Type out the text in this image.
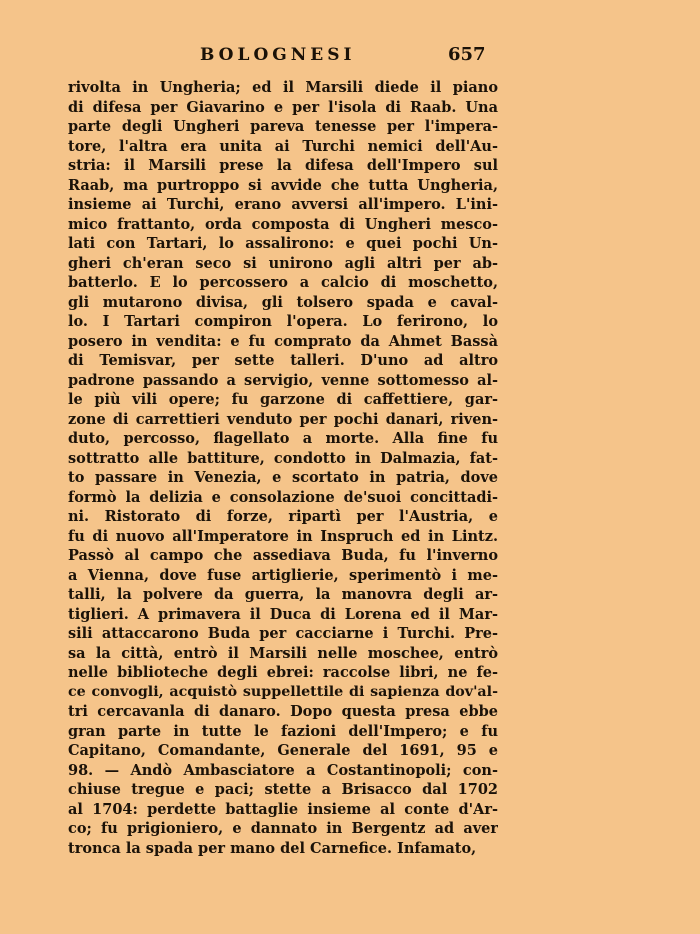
BOLOGNESI	657
rivolta in Ungheria; ed il Marsili diede il piano
di difesa per Giavarino e per l'isola di Raab. Una
parte degli Ungheri pareva tenesse per l'impera-
tore, l'altra era unita ai Turchi nemici dell'Au-
stria: il Marsili prese la difesa dell'Impero sul
Raab, ma purtroppo si avvide che tutta Ungheria,
insieme ai Turchi, erano avversi all'impero. L'ini-
mico frattanto, orda composta di Ungheri mesco-
lati con Tartari, lo assalirono: e quei pochi Un-
gheri ch'eran seco si unirono agli altri per ab-
batterlo. E lo percossero a calcio di moschetto,
gli mutarono divisa, gli tolsero spada e caval-
lo. I Tartari compiron l'opera. Lo ferirono, lo
posero in vendita: e fu comprato da Ahmet Bassà
di Temisvar, per sette talleri. D'uno ad altro
padrone passando a servigio, venne sottomesso al-
le più vili opere; fu garzone di caffettiere, gar-
zone di carrettieri venduto per pochi danari, riven-
duto, percosso, flagellato a morte. Alla fine fu
sottratto alle battiture, condotto in Dalmazia, fat-
to passare in Venezia, e scortato in patria, dove
formò la delizia e consolazione de'suoi concittadi-
ni. Ristorato di forze, ripartì per l'Austria, e
fu di nuovo all'Imperatore in Inspruch ed in Lintz.
Passò al campo che assediava Buda, fu l'inverno
a Vienna, dove fuse artiglierie, sperimentò i me-
talli, la polvere da guerra, la manovra degli ar-
tiglieri. A primavera il Duca di Lorena ed il Mar-
sili attaccarono Buda per cacciarne i Turchi. Pre-
sa la città, entrò il Marsili nelle moschee, entrò
nelle biblioteche degli ebrei: raccolse libri, ne fe-
ce convogli, acquistò suppellettile di sapienza dov'al-
tri cercavanla di danaro. Dopo questa presa ebbe
gran parte in tutte le fazioni dell'Impero; e fu
Capitano, Comandante, Generale del 1691, 95 e
98. — Andò Ambasciatore a Costantinopoli; con-
chiuse tregue e paci; stette a Brisacco dal 1702
al 1704: perdette battaglie insieme al conte d'Ar-
co; fu prigioniero, e dannato in Bergentz ad aver
tronca la spada per mano del Carnefice. Infamato,
